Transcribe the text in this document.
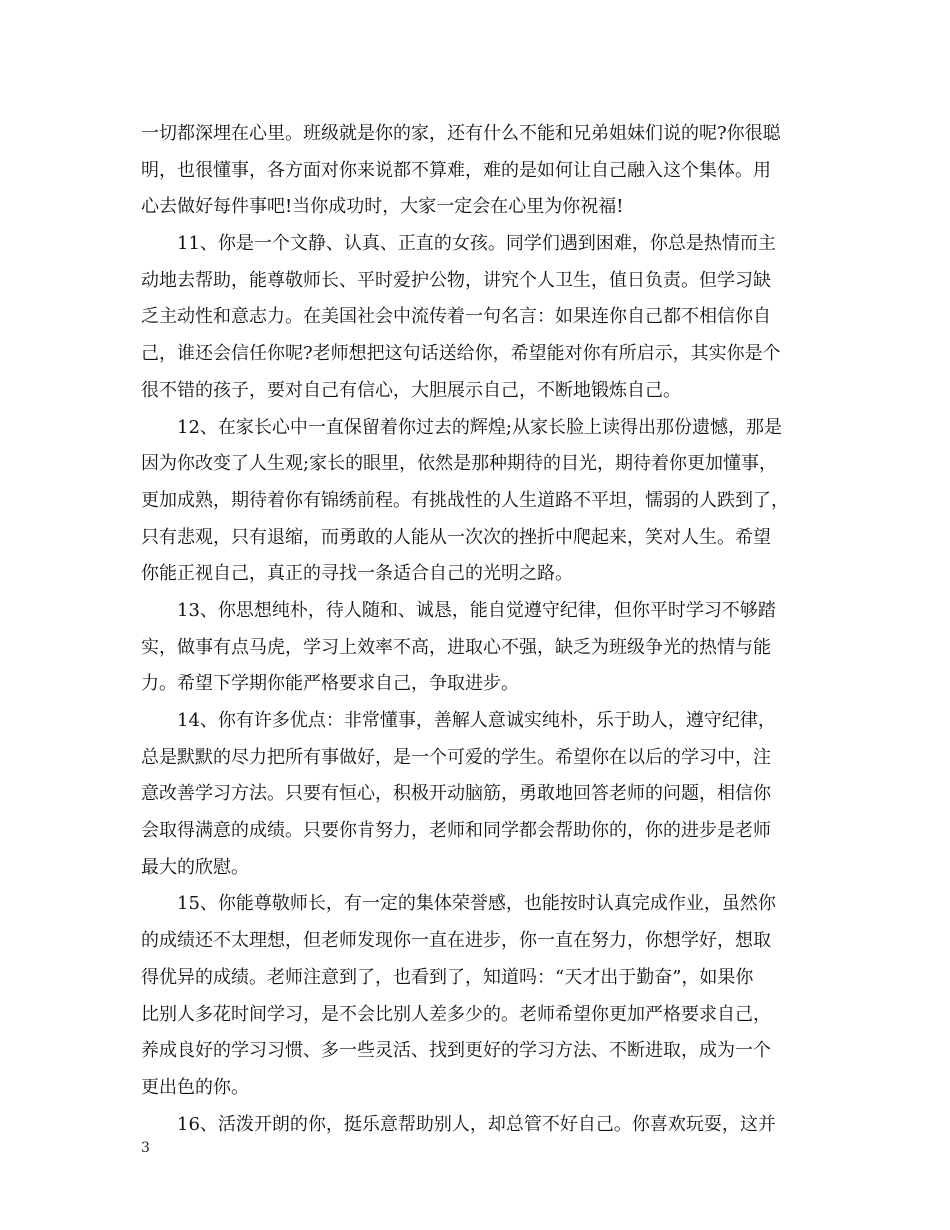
一切都深埋在心里。班级就是你的家，还有什么不能和兄弟姐妹们说的呢?你很聪
明，也很懂事，各方面对你来说都不算难，难的是如何让自己融入这个集体。用
心去做好每件事吧!当你成功时，大家一定会在心里为你祝福!
11、你是一个文静、认真、正直的女孩。同学们遇到困难，你总是热情而主
动地去帮助，能尊敬师长、平时爱护公物，讲究个人卫生，值日负责。但学习缺
乏主动性和意志力。在美国社会中流传着一句名言：如果连你自己都不相信你自
己，谁还会信任你呢?老师想把这句话送给你，希望能对你有所启示，其实你是个
很不错的孩子，要对自己有信心，大胆展示自己，不断地锻炼自己。
12、在家长心中一直保留着你过去的辉煌;从家长脸上读得出那份遗憾，那是
因为你改变了人生观;家长的眼里，依然是那种期待的目光，期待着你更加懂事，
更加成熟，期待着你有锦绣前程。有挑战性的人生道路不平坦，懦弱的人跌到了，
只有悲观，只有退缩，而勇敢的人能从一次次的挫折中爬起来，笑对人生。希望
你能正视自己，真正的寻找一条适合自己的光明之路。
13、你思想纯朴，待人随和、诚恳，能自觉遵守纪律，但你平时学习不够踏
实，做事有点马虎，学习上效率不高，进取心不强，缺乏为班级争光的热情与能
力。希望下学期你能严格要求自己，争取进步。
14、你有许多优点：非常懂事，善解人意诚实纯朴，乐于助人，遵守纪律，
总是默默的尽力把所有事做好，是一个可爱的学生。希望你在以后的学习中，注
意改善学习方法。只要有恒心，积极开动脑筋，勇敢地回答老师的问题，相信你
会取得满意的成绩。只要你肯努力，老师和同学都会帮助你的，你的进步是老师
最大的欣慰。
15、你能尊敬师长，有一定的集体荣誉感，也能按时认真完成作业，虽然你
的成绩还不太理想，但老师发现你一直在进步，你一直在努力，你想学好，想取
得优异的成绩。老师注意到了，也看到了，知道吗：“天才出于勤奋”，如果你
比别人多花时间学习，是不会比别人差多少的。老师希望你更加严格要求自己，
养成良好的学习习惯、多一些灵活、找到更好的学习方法、不断进取，成为一个
更出色的你。
16、活泼开朗的你，挺乐意帮助别人，却总管不好自己。你喜欢玩耍，这并
3
